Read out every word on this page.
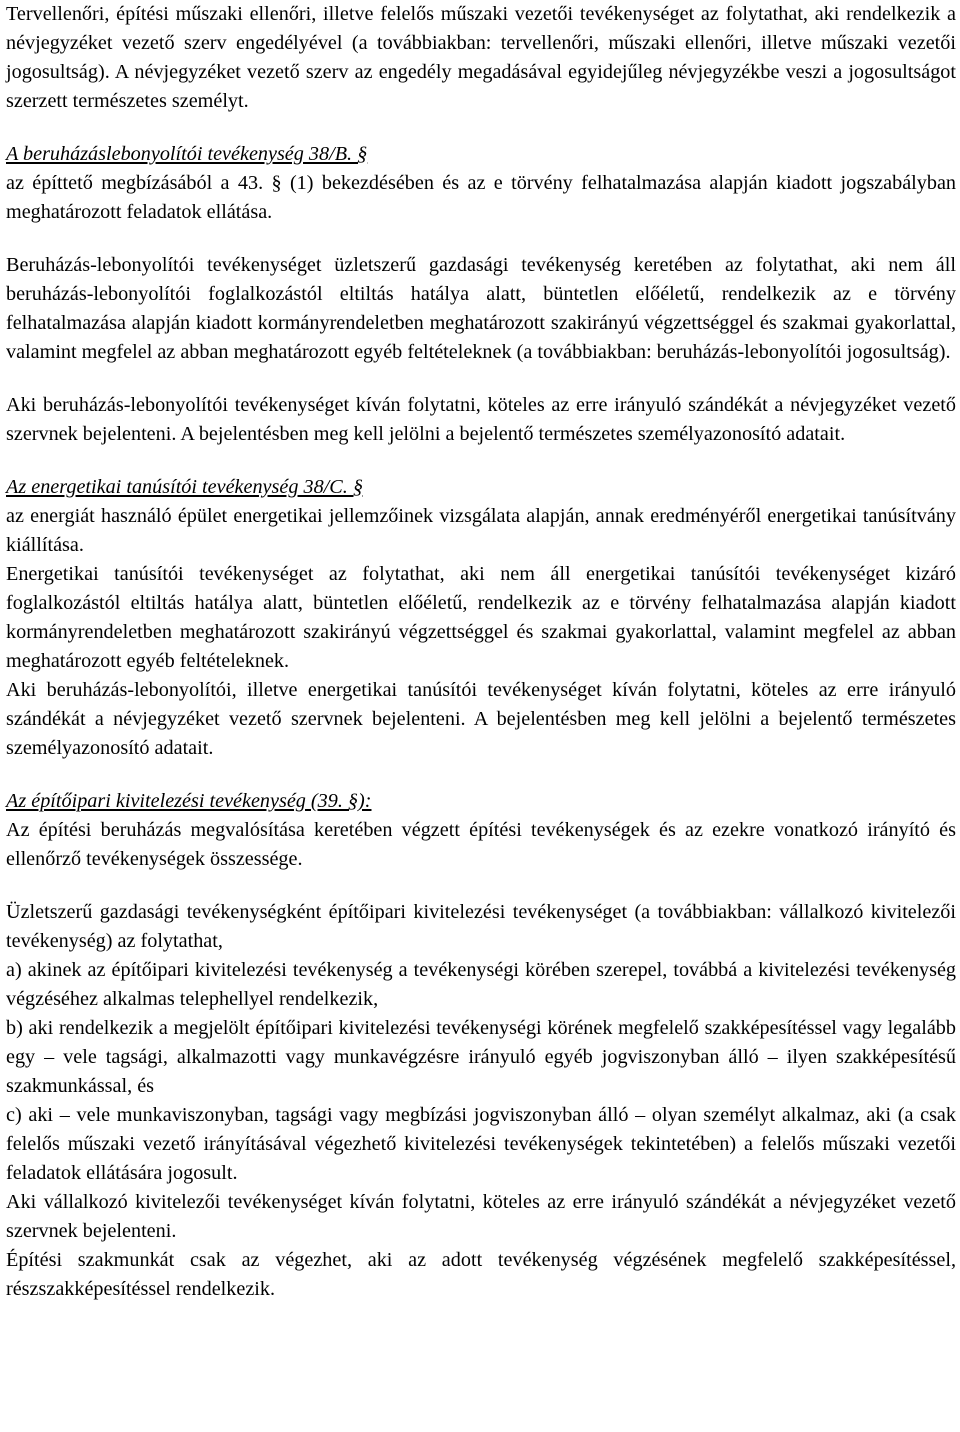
Tervellenőri, építési műszaki ellenőri, illetve felelős műszaki vezetői tevékenységet az folytathat, aki rendelkezik a névjegyzéket vezető szerv engedélyével (a továbbiakban: tervellenőri, műszaki ellenőri, illetve műszaki vezetői jogosultság). A névjegyzéket vezető szerv az engedély megadásával egyidejűleg névjegyzékbe veszi a jogosultságot szerzett természetes személyt.

A beruházáslebonyolítói tevékenység 38/B. §

az építtető megbízásából a 43. § (1) bekezdésében és az e törvény felhatalmazása alapján kiadott jogszabályban meghatározott feladatok ellátása.

Beruházás-lebonyolítói tevékenységet üzletszerű gazdasági tevékenység keretében az folytathat, aki nem áll beruházás-lebonyolítói foglalkozástól eltiltás hatálya alatt, büntetlen előéletű, rendelkezik az e törvény felhatalmazása alapján kiadott kormányrendeletben meghatározott szakirányú végzettséggel és szakmai gyakorlattal, valamint megfelel az abban meghatározott egyéb feltételeknek (a továbbiakban: beruházás-lebonyolítói jogosultság).

Aki beruházás-lebonyolítói tevékenységet kíván folytatni, köteles az erre irányuló szándékát a névjegyzéket vezető szervnek bejelenteni. A bejelentésben meg kell jelölni a bejelentő természetes személyazonosító adatait.

Az energetikai tanúsítói tevékenység 38/C. §

az energiát használó épület energetikai jellemzőinek vizsgálata alapján, annak eredményéről energetikai tanúsítvány kiállítása.

Energetikai tanúsítói tevékenységet az folytathat, aki nem áll energetikai tanúsítói tevékenységet kizáró foglalkozástól eltiltás hatálya alatt, büntetlen előéletű, rendelkezik az e törvény felhatalmazása alapján kiadott kormányrendeletben meghatározott szakirányú végzettséggel és szakmai gyakorlattal, valamint megfelel az abban meghatározott egyéb feltételeknek.

Aki beruházás-lebonyolítói, illetve energetikai tanúsítói tevékenységet kíván folytatni, köteles az erre irányuló szándékát a névjegyzéket vezető szervnek bejelenteni. A bejelentésben meg kell jelölni a bejelentő természetes személyazonosító adatait.

Az építőipari kivitelezési tevékenység (39. §):

Az építési beruházás megvalósítása keretében végzett építési tevékenységek és az ezekre vonatkozó irányító és ellenőrző tevékenységek összessége.

Üzletszerű gazdasági tevékenységként építőipari kivitelezési tevékenységet (a továbbiakban: vállalkozó kivitelezői tevékenység) az folytathat,

a) akinek az építőipari kivitelezési tevékenység a tevékenységi körében szerepel, továbbá a kivitelezési tevékenység végzéséhez alkalmas telephellyel rendelkezik,

b) aki rendelkezik a megjelölt építőipari kivitelezési tevékenységi körének megfelelő szakképesítéssel vagy legalább egy – vele tagsági, alkalmazotti vagy munkavégzésre irányuló egyéb jogviszonyban álló – ilyen szakképesítésű szakmunkással, és

c) aki – vele munkaviszonyban, tagsági vagy megbízási jogviszonyban álló – olyan személyt alkalmaz, aki (a csak felelős műszaki vezető irányításával végezhető kivitelezési tevékenységek tekintetében) a felelős műszaki vezetői feladatok ellátására jogosult.

Aki vállalkozó kivitelezői tevékenységet kíván folytatni, köteles az erre irányuló szándékát a névjegyzéket vezető szervnek bejelenteni.

Építési szakmunkát csak az végezhet, aki az adott tevékenység végzésének megfelelő szakképesítéssel, részszakképesítéssel rendelkezik.
